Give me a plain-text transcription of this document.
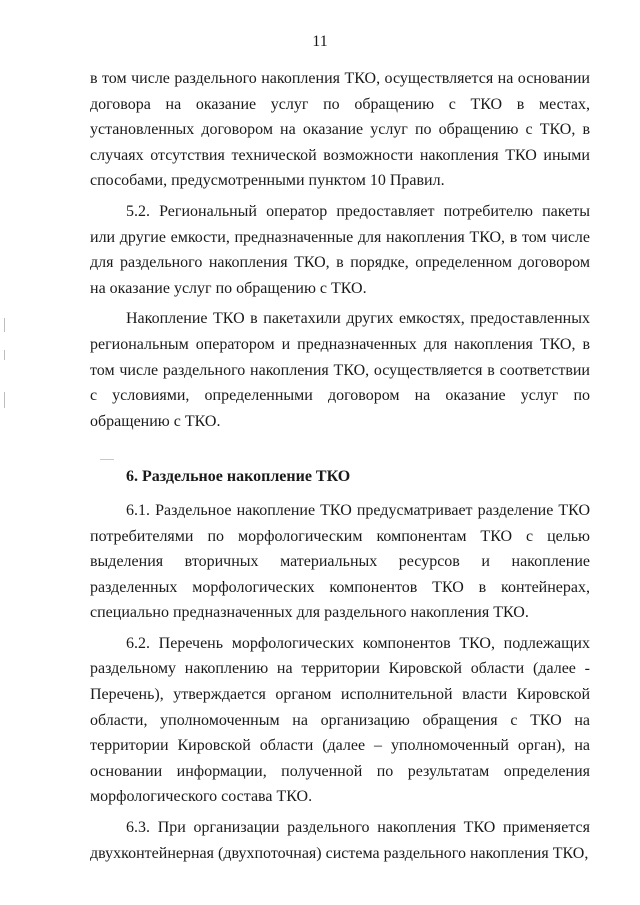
11

в том числе раздельного накопления ТКО, осуществляется на основании договора на оказание услуг по обращению с ТКО в местах, установленных договором на оказание услуг по обращению с ТКО, в случаях отсутствия технической возможности накопления ТКО иными способами, предусмотренными пунктом 10 Правил.

5.2. Региональный оператор предоставляет потребителю пакеты или другие емкости, предназначенные для накопления ТКО, в том числе для раздельного накопления ТКО, в порядке, определенном договором на оказание услуг по обращению с ТКО.

Накопление ТКО в пакетахили других емкостях, предоставленных региональным оператором и предназначенных для накопления ТКО, в том числе раздельного накопления ТКО, осуществляется в соответствии с условиями, определенными договором на оказание услуг по обращению с ТКО.

6. Раздельное накопление ТКО

6.1. Раздельное накопление ТКО предусматривает разделение ТКО потребителями по морфологическим компонентам ТКО с целью выделения вторичных материальных ресурсов и накопление разделенных морфологических компонентов ТКО в контейнерах, специально предназначенных для раздельного накопления ТКО.

6.2. Перечень морфологических компонентов ТКО, подлежащих раздельному накоплению на территории Кировской области (далее - Перечень), утверждается органом исполнительной власти Кировской области, уполномоченным на организацию обращения с ТКО на территории Кировской области (далее – уполномоченный орган), на основании информации, полученной по результатам определения морфологического состава ТКО.

6.3. При организации раздельного накопления ТКО применяется двухконтейнерная (двухпоточная) система раздельного накопления ТКО,
